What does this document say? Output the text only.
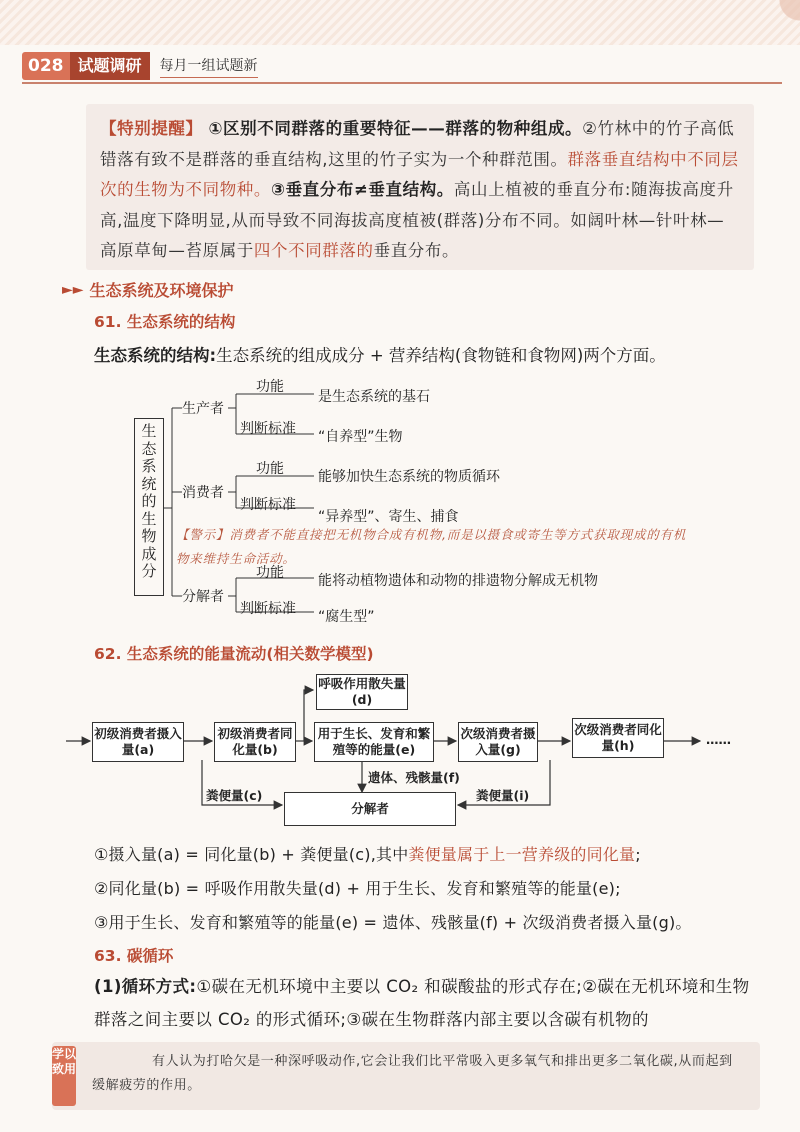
028 试题调研	每月一组试题新
【特别提醒】 ①区别不同群落的重要特征——群落的物种组成。②竹林中的竹子高低错落有致不是群落的垂直结构,这里的竹子实为一个种群范围。群落垂直结构中不同层次的生物为不同物种。③垂直分布≠垂直结构。高山上植被的垂直分布:随海拔高度升高,温度下降明显,从而导致不同海拔高度植被(群落)分布不同。如阔叶林—针叶林—高原草甸—苔原属于四个不同群落的垂直分布。
►► 生态系统及环境保护
61. 生态系统的结构
生态系统的结构:生态系统的组成成分 + 营养结构(食物链和食物网)两个方面。
生态系统的生物成分
生产者
消费者
分解者
功能
判断标准
是生态系统的基石
“自养型”生物
功能
判断标准
能够加快生态系统的物质循环
“异养型”、寄生、捕食
【警示】消费者不能直接把无机物合成有机物,而是以摄食或寄生等方式获取现成的有机物来维持生命活动。
功能
判断标准
能将动植物遗体和动物的排遗物分解成无机物
“腐生型”
62. 生态系统的能量流动(相关数学模型)
初级消费者摄入量(a)
初级消费者同化量(b)
用于生长、发育和繁殖等的能量(e)
呼吸作用散失量(d)
次级消费者摄入量(g)
次级消费者同化量(h)
分解者
遗体、残骸量(f)
粪便量(c)	粪便量(i)
……
①摄入量(a) = 同化量(b) + 粪便量(c),其中粪便量属于上一营养级的同化量;
②同化量(b) = 呼吸作用散失量(d) + 用于生长、发育和繁殖等的能量(e);
③用于生长、发育和繁殖等的能量(e) = 遗体、残骸量(f) + 次级消费者摄入量(g)。
63. 碳循环
(1)循环方式:①碳在无机环境中主要以 CO₂ 和碳酸盐的形式存在;②碳在无机环境和生物群落之间主要以 CO₂ 的形式循环;③碳在生物群落内部主要以含碳有机物的
学以致用	有人认为打哈欠是一种深呼吸动作,它会让我们比平常吸入更多氧气和排出更多二氧化碳,从而起到缓解疲劳的作用。
